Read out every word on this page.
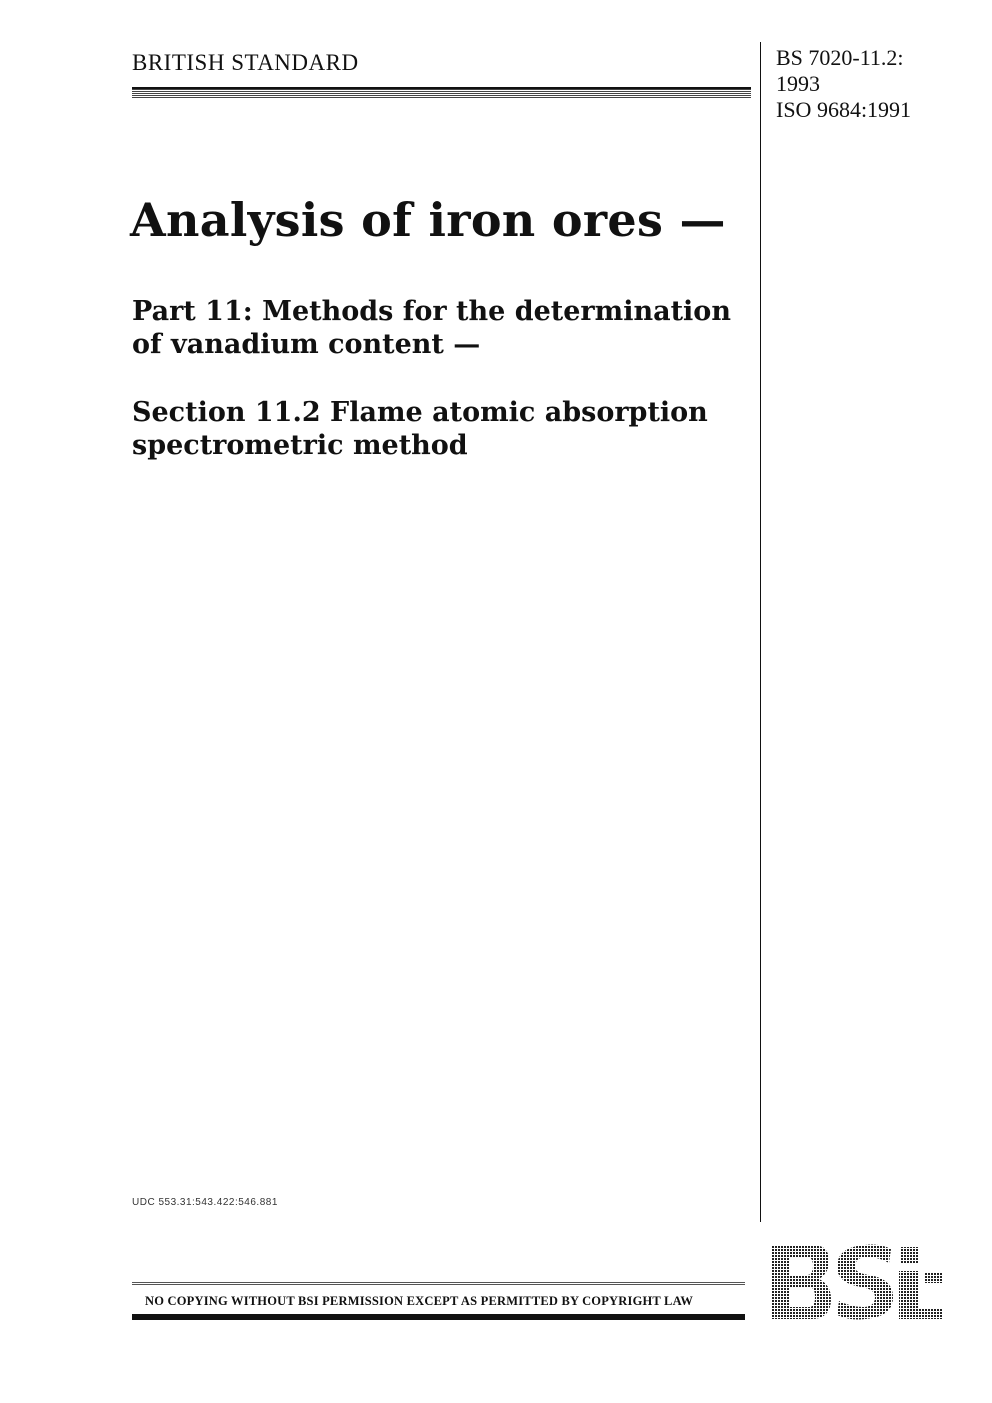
BRITISH STANDARD	BS 7020-11.2:
1993
ISO 9684:1991
Analysis of iron ores —
Part 11: Methods for the determination of vanadium content —
Section 11.2 Flame atomic absorption spectrometric method
UDC 553.31:543.422:546.881
NO COPYING WITHOUT BSI PERMISSION EXCEPT AS PERMITTED BY COPYRIGHT LAW
